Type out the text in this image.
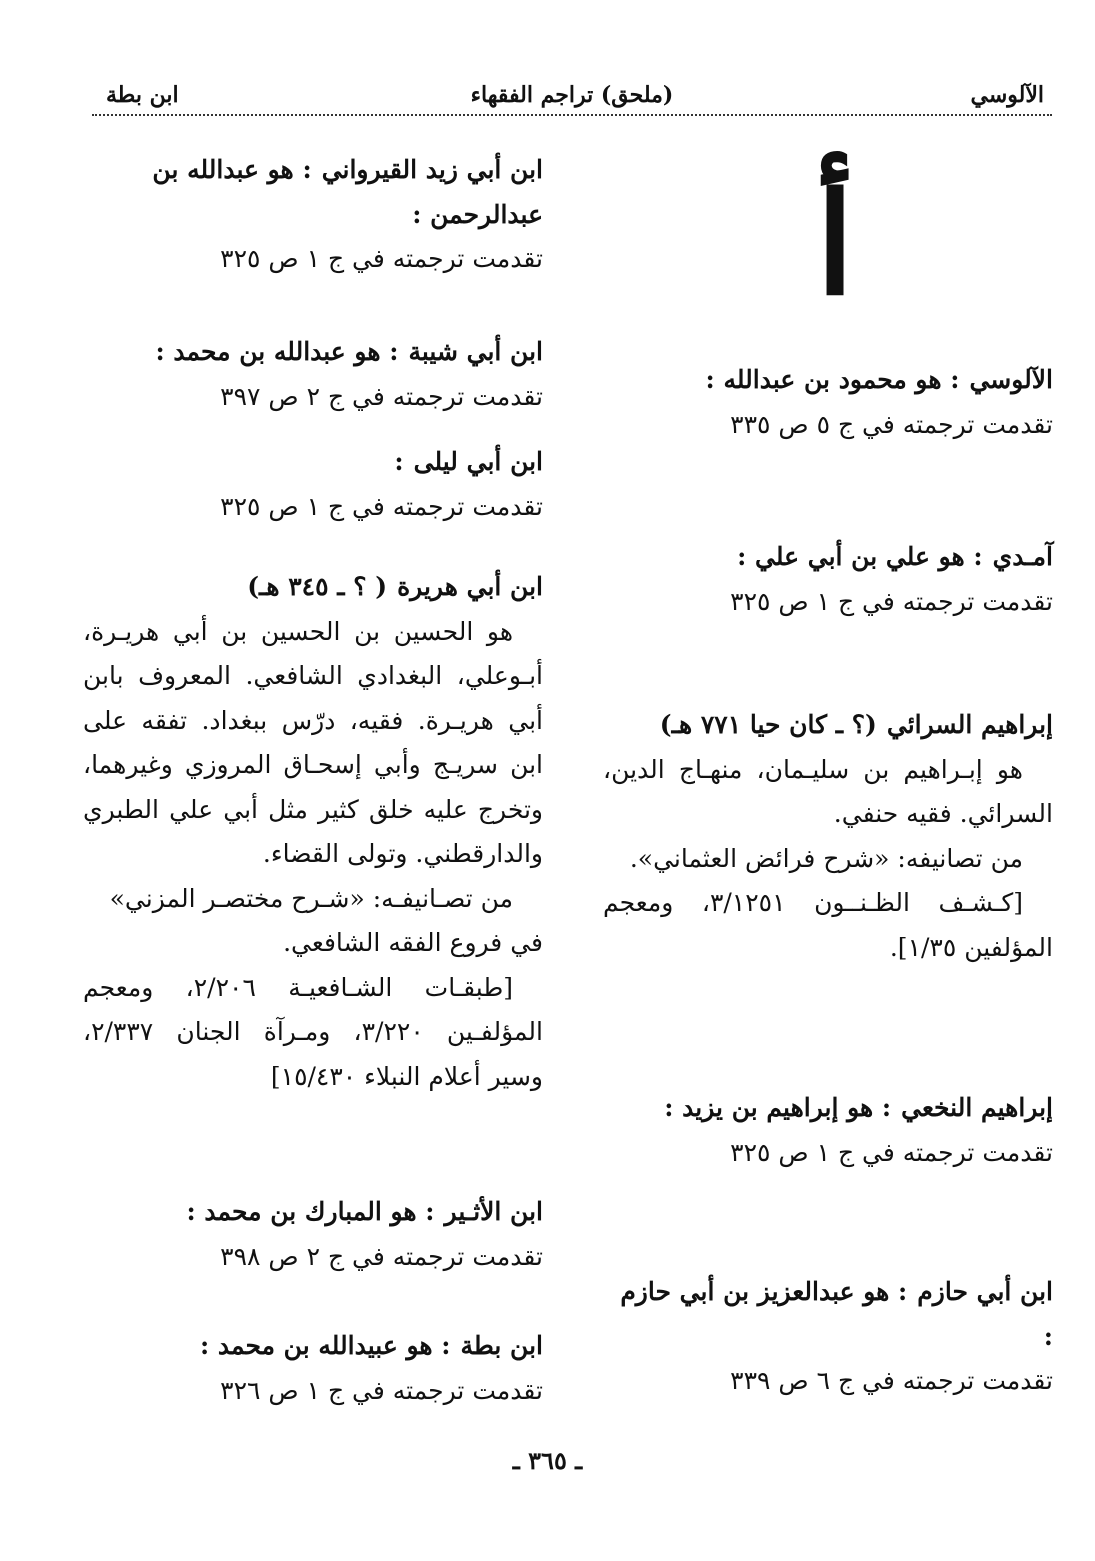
الآلوسي
(ملحق) تراجم الفقهاء
ابن بطة
أ
الآلوسي: هو محمود بن عبدالله :
تقدمت ترجمته في ج ٥ ص ٣٣٥
آمـدي: هو علي بن أبي علي :
تقدمت ترجمته في ج ١ ص ٣٢٥
إبراهيم السرائي(؟ ـ كان حيا ٧٧١ هـ)
هو إبـراهيم بن سليـمان، منهـاج الدين، السرائي. فقيه حنفي.
من تصانيفه: «شرح فرائض العثماني».
[كـشـف الظـنــون ٣/١٢٥١، ومعجم المؤلفين ١/٣٥].
إبراهيم النخعي: هو إبراهيم بن يزيد :
تقدمت ترجمته في ج ١ ص ٣٢٥
ابن أبي حازم: هو عبدالعزيز بن أبي حازم :
تقدمت ترجمته في ج ٦ ص ٣٣٩
ابن أبي زيد القيرواني: هو عبدالله بن عبدالرحمن :
تقدمت ترجمته في ج ١ ص ٣٢٥
ابن أبي شيبة: هو عبدالله بن محمد :
تقدمت ترجمته في ج ٢ ص ٣٩٧
ابن أبي ليلى:
تقدمت ترجمته في ج ١ ص ٣٢٥
ابن أبي هريرة( ؟ ـ ٣٤٥ هـ)
هو الحسين بن الحسين بن أبي هريـرة، أبـوعلي، البغدادي الشافعي. المعروف بابن أبي هريـرة. فقيه، درّس ببغداد. تفقه على ابن سريـج وأبي إسحـاق المروزي وغيرهما، وتخرج عليه خلق كثير مثل أبي علي الطبري والدارقطني. وتولى القضاء.
من تصـانيفـه: «شـرح مختصـر المزني» في فروع الفقه الشافعي.
[طبقـات الشـافعيـة ٢/٢٠٦، ومعجم المؤلفـين ٣/٢٢٠، ومـرآة الجنان ٢/٣٣٧، وسير أعلام النبلاء ١٥/٤٣٠]
ابن الأثـير: هو المبارك بن محمد :
تقدمت ترجمته في ج ٢ ص ٣٩٨
ابن بطة: هو عبيدالله بن محمد :
تقدمت ترجمته في ج ١ ص ٣٢٦
ـ ٣٦٥ ـ
